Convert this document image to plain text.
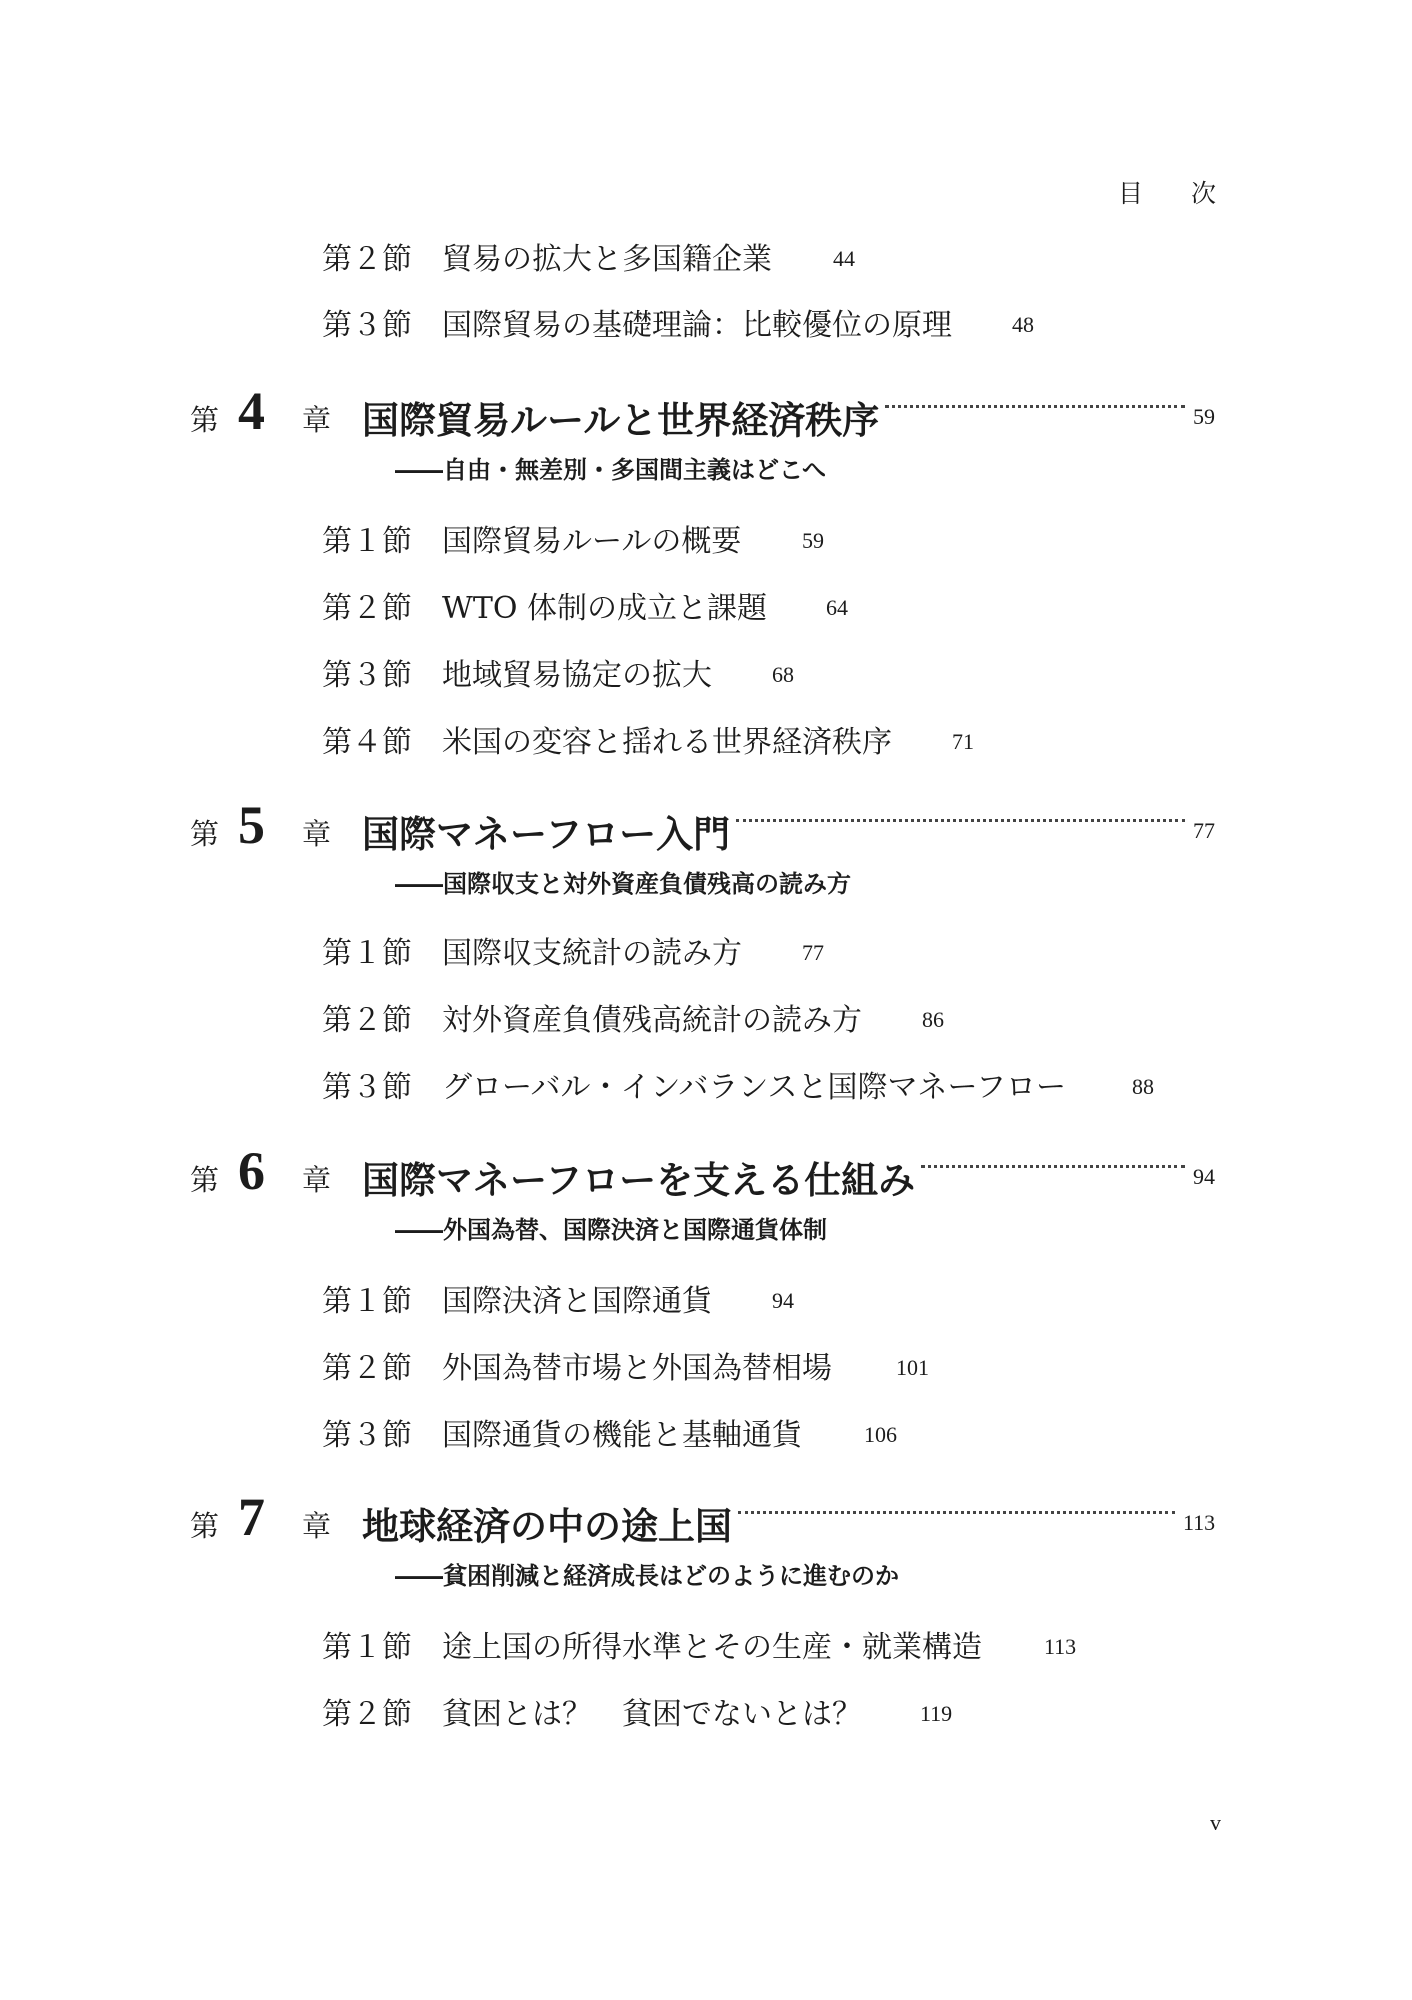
目次
第２節 貿易の拡大と多国籍企業	44
第３節 国際貿易の基礎理論：比較優位の原理	48
第 4 章 国際貿易ルールと世界経済秩序	59
――自由・無差別・多国間主義はどこへ
第１節 国際貿易ルールの概要	59
第２節 WTO 体制の成立と課題	64
第３節 地域貿易協定の拡大	68
第４節 米国の変容と揺れる世界経済秩序	71
第 5 章 国際マネーフロー入門	77
――国際収支と対外資産負債残高の読み方
第１節 国際収支統計の読み方	77
第２節 対外資産負債残高統計の読み方	86
第３節 グローバル・インバランスと国際マネーフロー	88
第 6 章 国際マネーフローを支える仕組み	94
――外国為替、国際決済と国際通貨体制
第１節 国際決済と国際通貨	94
第２節 外国為替市場と外国為替相場	101
第３節 国際通貨の機能と基軸通貨	106
第 7 章 地球経済の中の途上国	113
――貧困削減と経済成長はどのように進むのか
第１節 途上国の所得水準とその生産・就業構造	113
第２節 貧困とは？　貧困でないとは？	119
v
